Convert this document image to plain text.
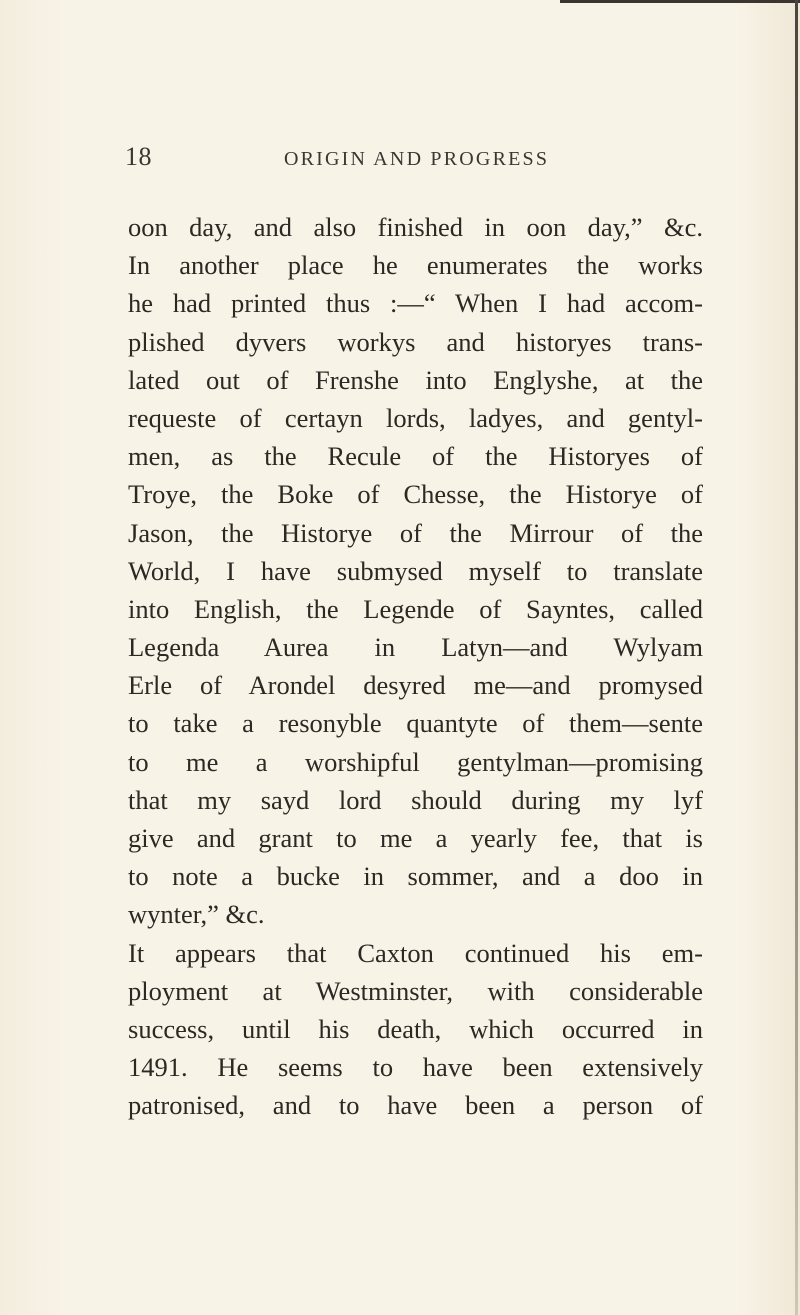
18	ORIGIN AND PROGRESS
oon day, and also finished in oon day,” &c.
In another place he enumerates the works
he had printed thus :—“ When I had accom-
plished dyvers workys and historyes trans-
lated out of Frenshe into Englyshe, at the
requeste of certayn lords, ladyes, and gentyl-
men, as the Recule of the Historyes of
Troye, the Boke of Chesse, the Historye of
Jason, the Historye of the Mirrour of the
World, I have submysed myself to translate
into English, the Legende of Sayntes, called
Legenda Aurea in Latyn—and Wylyam
Erle of Arondel desyred me—and promysed
to take a resonyble quantyte of them—sente
to me a worshipful gentylman—promising
that my sayd lord should during my lyf
give and grant to me a yearly fee, that is
to note a bucke in sommer, and a doo in
wynter,” &c.
It appears that Caxton continued his em-
ployment at Westminster, with considerable
success, until his death, which occurred in
1491. He seems to have been extensively
patronised, and to have been a person of
